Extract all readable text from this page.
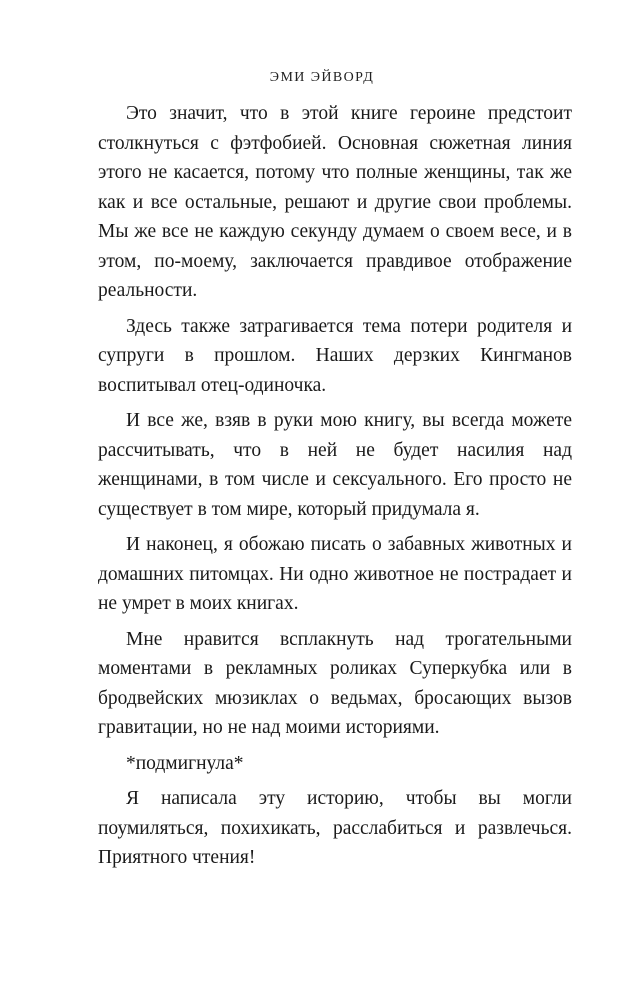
ЭМИ ЭЙВОРД

Это значит, что в этой книге героине предстоит столкнуться с фэтфобией. Основная сюжетная линия этого не касается, потому что полные женщины, так же как и все остальные, решают и другие свои проблемы. Мы же все не каждую секунду думаем о своем весе, и в этом, по-моему, заключается правдивое отображение реальности.

Здесь также затрагивается тема потери родителя и супруги в прошлом. Наших дерзких Кингманов воспитывал отец-одиночка.

И все же, взяв в руки мою книгу, вы всегда можете рассчитывать, что в ней не будет насилия над женщинами, в том числе и сексуального. Его просто не существует в том мире, который придумала я.

И наконец, я обожаю писать о забавных животных и домашних питомцах. Ни одно животное не пострадает и не умрет в моих книгах.

Мне нравится всплакнуть над трогательными моментами в рекламных роликах Суперкубка или в бродвейских мюзиклах о ведьмах, бросающих вызов гравитации, но не над моими историями.

*подмигнула*

Я написала эту историю, чтобы вы могли поумиляться, похихикать, расслабиться и развлечься. Приятного чтения!
